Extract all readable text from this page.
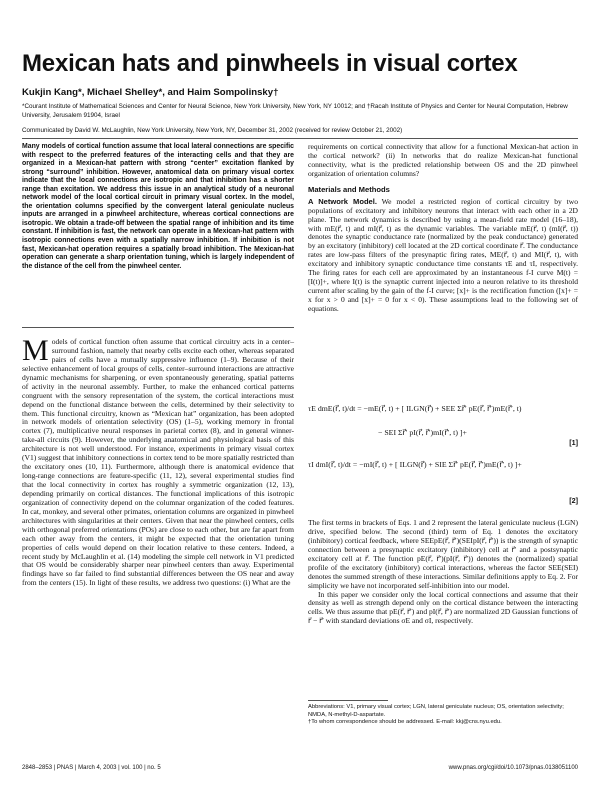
Mexican hats and pinwheels in visual cortex
Kukjin Kang*, Michael Shelley*, and Haim Sompolinsky†
*Courant Institute of Mathematical Sciences and Center for Neural Science, New York University, New York, NY 10012; and †Racah Institute of Physics and Center for Neural Computation, Hebrew University, Jerusalem 91904, Israel
Communicated by David W. McLaughlin, New York University, New York, NY, December 31, 2002 (received for review October 21, 2002)
Many models of cortical function assume that local lateral connections are specific with respect to the preferred features of the interacting cells and that they are organized in a Mexican-hat pattern with strong “center” excitation flanked by strong “surround” inhibition. However, anatomical data on primary visual cortex indicate that the local connections are isotropic and that inhibition has a shorter range than excitation. We address this issue in an analytical study of a neuronal network model of the local cortical circuit in primary visual cortex. In the model, the orientation columns specified by the convergent lateral geniculate nucleus inputs are arranged in a pinwheel architecture, whereas cortical connections are isotropic. We obtain a trade-off between the spatial range of inhibition and its time constant. If inhibition is fast, the network can operate in a Mexican-hat pattern with isotropic connections even with a spatially narrow inhibition. If inhibition is not fast, Mexican-hat operation requires a spatially broad inhibition. The Mexican-hat operation can generate a sharp orientation tuning, which is largely independent of the distance of the cell from the pinwheel center.

Models of cortical function often assume that cortical circuitry acts in a center–surround fashion, namely that nearby cells excite each other, whereas separated pairs of cells have a mutually suppressive influence (1–9). Because of their selective enhancement of local groups of cells, center–surround interactions are attractive dynamic mechanisms for sharpening, or even spontaneously generating, spatial patterns of activity in the neuronal assembly. Further, to make the enhanced cortical patterns congruent with the sensory representation of the system, the cortical interactions must depend on the functional distance between the cells, determined by their selectivity to them. This functional circuitry, known as “Mexican hat” organization, has been adopted in network models of orientation selectivity (OS) (1–5), working memory in frontal cortex (7), multiplicative neural responses in parietal cortex (8), and in general winner-take-all circuits (9). However, the underlying anatomical and physiological basis of this architecture is not well understood. For instance, experiments in primary visual cortex (V1) suggest that inhibitory connections in cortex tend to be more spatially restricted than the excitatory ones (10, 11). Furthermore, although there is anatomical evidence that long-range connections are feature-specific (11, 12), several experimental studies find that the local connectivity in cortex has roughly a symmetric organization (12, 13), depending primarily on cortical distances. The functional implications of this isotropic organization of connectivity depend on the columnar organization of the coded features. In cat, monkey, and several other primates, orientation columns are organized in pinwheel architectures with singularities at their centers. Given that near the pinwheel centers, cells with orthogonal preferred orientations (POs) are close to each other, but are far apart from each other away from the centers, it might be expected that the orientation tuning properties of cells would depend on their location relative to these centers. Indeed, a recent study by McLaughlin et al. (14) modeling the simple cell network in V1 predicted that OS would be considerably sharper near pinwheel centers than away. Experimental findings have so far failed to find substantial differences between the OS near and away from the centers (15). In light of these results, we address two questions: (i) What are the

requirements on cortical connectivity that allow for a functional Mexican-hat action in the cortical network? (ii) In networks that do realize Mexican-hat functional connectivity, what is the predicted relationship between OS and the 2D pinwheel organization of orientation columns?

Materials and Methods

A Network Model. We model a restricted region of cortical circuitry by two populations of excitatory and inhibitory neurons that interact with each other in a 2D plane. The network dynamics is described by using a mean-field rate model (16–18), with mE(r⃗, t) and mI(r⃗, t) as the dynamic variables. The variable mE(r⃗, t) (mI(r⃗, t)) denotes the synaptic conductance rate (normalized by the peak conductance) generated by an excitatory (inhibitory) cell located at the 2D cortical coordinate r⃗. The conductance rates are low-pass filters of the presynaptic firing rates, ME(r⃗, t) and MI(r⃗, t), with excitatory and inhibitory synaptic conductance time constants τE and τI, respectively. The firing rates for each cell are approximated by an instantaneous f-I curve M(t) = [I(t)]+, where I(t) is the synaptic current injected into a neuron relative to its threshold current after scaling by the gain of the f-I curve; [x]+ is the rectification function ([x]+ = x for x > 0 and [x]+ = 0 for x < 0). These assumptions lead to the following set of equations.

τE dmE(r⃗, t)/dt = −mE(r⃗, t) + [ ILGN(r⃗) + SEE Σr⃗′ pE(r⃗, r⃗′)mE(r⃗′, t)
− SEI Σr⃗′ pI(r⃗, r⃗′)mI(r⃗′, t) ]+
[1]
τI dmI(r⃗, t)/dt = −mI(r⃗, t) + [ ILGN(r⃗) + SIE Σr⃗′ pE(r⃗, r⃗′)mE(r⃗′, t) ]+
[2]

The first terms in brackets of Eqs. 1 and 2 represent the lateral geniculate nucleus (LGN) drive, specified below. The second (third) term of Eq. 1 denotes the excitatory (inhibitory) cortical feedback, where SEEpE(r⃗, r⃗′)(SEIpI(r⃗, r⃗′)) is the strength of synaptic connection between a presynaptic excitatory (inhibitory) cell at r⃗′ and a postsynaptic excitatory cell at r⃗. The function pE(r⃗, r⃗′)(pI(r⃗, r⃗′)) denotes the (normalized) spatial profile of the excitatory (inhibitory) cortical interactions, whereas the factor SEE(SEI) denotes the summed strength of these interactions. Similar definitions apply to Eq. 2. For simplicity we have not incorporated self-inhibition into our model.

In this paper we consider only the local cortical connections and assume that their density as well as strength depend only on the cortical distance between the interacting cells. We thus assume that pE(r⃗, r⃗′) and pI(r⃗, r⃗′) are normalized 2D Gaussian functions of r⃗ − r⃗′ with standard deviations σE and σI, respectively.

Abbreviations: V1, primary visual cortex; LGN, lateral geniculate nucleus; OS, orientation selectivity; NMDA, N-methyl-D-aspartate.
†To whom correspondence should be addressed. E-mail: kkj@cns.nyu.edu.
2848–2853 | PNAS | March 4, 2003 | vol. 100 | no. 5	www.pnas.org/cgi/doi/10.1073/pnas.0138051100
